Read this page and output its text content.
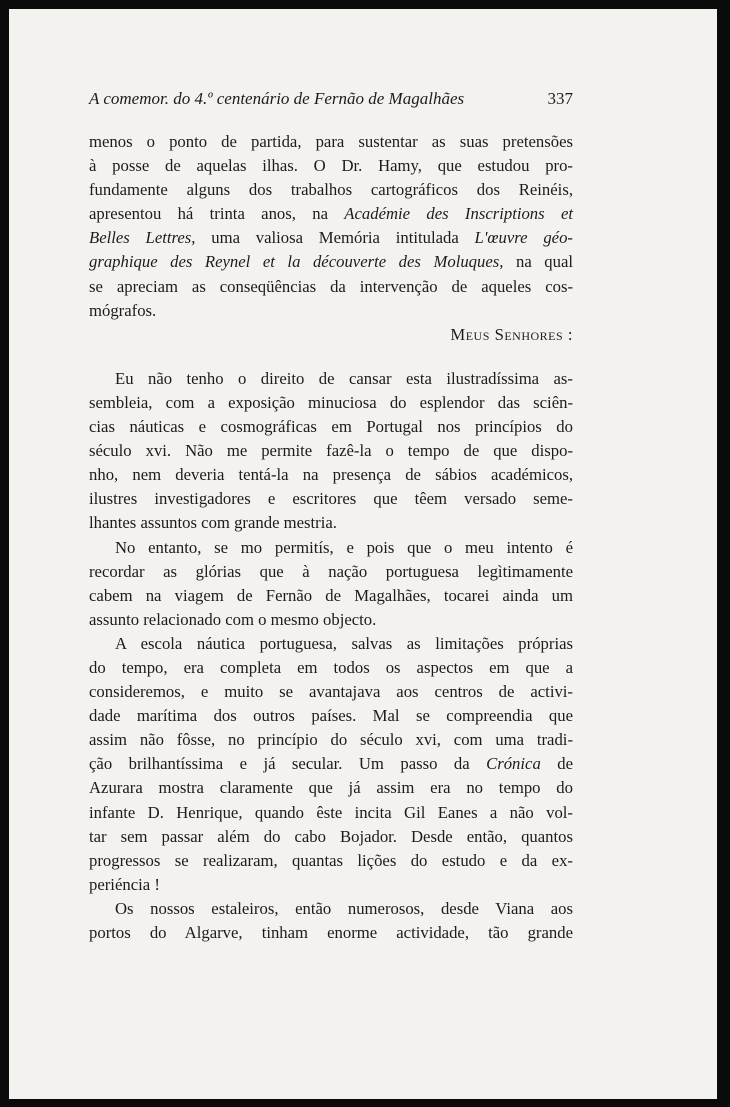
A comemor. do 4.º centenário de Fernão de Magalhães	337
menos o ponto de partida, para sustentar as suas pretensões
à posse de aquelas ilhas. O Dr. Hamy, que estudou pro-
fundamente alguns dos trabalhos cartográficos dos Reinéis,
apresentou há trinta anos, na Académie des Inscriptions et
Belles Lettres, uma valiosa Memória intitulada L'œuvre géo-
graphique des Reynel et la découverte des Moluques, na qual
se apreciam as conseqüências da intervenção de aqueles cos-
mógrafos.
Meus Senhores :
Eu não tenho o direito de cansar esta ilustradíssima as-
sembleia, com a exposição minuciosa do esplendor das sciên-
cias náuticas e cosmográficas em Portugal nos princípios do
século xvi. Não me permite fazê-la o tempo de que dispo-
nho, nem deveria tentá-la na presença de sábios académicos,
ilustres investigadores e escritores que têem versado seme-
lhantes assuntos com grande mestria.
No entanto, se mo permitís, e pois que o meu intento é
recordar as glórias que à nação portuguesa legìtimamente
cabem na viagem de Fernão de Magalhães, tocarei ainda um
assunto relacionado com o mesmo objecto.
A escola náutica portuguesa, salvas as limitações próprias
do tempo, era completa em todos os aspectos em que a
consideremos, e muito se avantajava aos centros de activi-
dade marítima dos outros países. Mal se compreendia que
assim não fôsse, no princípio do século xvi, com uma tradi-
ção brilhantíssima e já secular. Um passo da Crónica de
Azurara mostra claramente que já assim era no tempo do
infante D. Henrique, quando êste incita Gil Eanes a não vol-
tar sem passar além do cabo Bojador. Desde então, quantos
progressos se realizaram, quantas lições do estudo e da ex-
periéncia !
Os nossos estaleiros, então numerosos, desde Viana aos
portos do Algarve, tinham enorme actividade, tão grande
